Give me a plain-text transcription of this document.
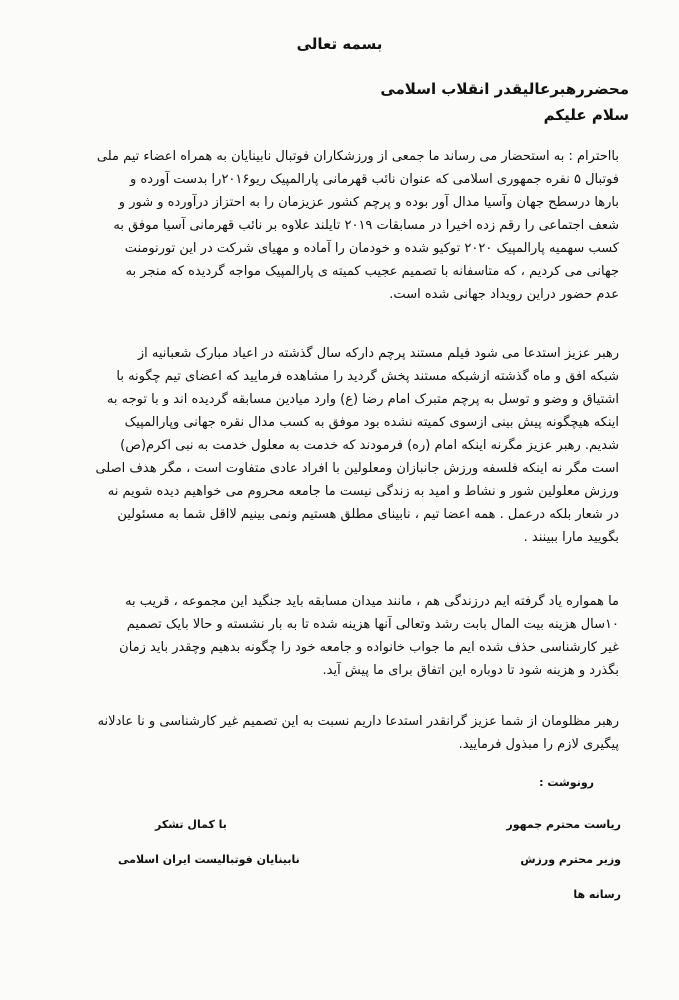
بسمه تعالی
محضررهبرعالیقدر انقلاب اسلامی
سلام علیکم
بااحترام : به استحضار می رساند ما جمعی از ورزشکاران فوتبال نابینایان به همراه اعضاء تیم ملی
فوتبال ۵ نفره جمهوری اسلامی که عنوان نائب قهرمانی پارالمپیک ریو۲۰۱۶را بدست آورده و
بارها درسطح جهان وآسیا مدال آور بوده و پرچم کشور عزیزمان را به احتزاز درآورده و شور و
شعف اجتماعی را رقم زده اخیرا در مسابقات ۲۰۱۹ تایلند علاوه بر نائب قهرمانی آسیا موفق به
کسب سهمیه پارالمپیک ۲۰۲۰ توکیو شده و خودمان را آماده و مهیای شرکت در این تورنومنت
جهانی می کردیم ، که متاسفانه با تصمیم عجیب کمیته ی پارالمپیک مواجه گردیده که منجر به
عدم حضور دراین رویداد جهانی شده است.
رهبر عزیز استدعا می شود فیلم مستند پرچم دارکه سال گذشته در اعیاد مبارک شعبانیه از
شبکه افق و ماه گذشته ازشبکه مستند پخش گردید را مشاهده فرمایید که اعضای تیم چگونه با
اشتیاق و وضو و توسل به پرچم متبرک امام رضا (ع) وارد میادین مسابقه گردیده اند و با توجه به
اینکه هیچگونه پیش بینی ازسوی کمیته نشده بود موفق به کسب مدال نقره جهانی وپارالمپیک
شدیم. رهبر عزیز مگرنه اینکه امام (ره) فرمودند که خدمت به معلول خدمت به نبی اکرم(ص)
است مگر نه اینکه فلسفه ورزش جانبازان ومعلولین با افراد عادی متفاوت است ، مگر هدف اصلی
ورزش معلولین شور و نشاط و امید به زندگی نیست ما جامعه محروم می خواهیم دیده شویم نه
در شعار بلکه درعمل . همه اعضا تیم ، نابینای مطلق هستیم ونمی بینیم لااقل شما به مسئولین
بگویید مارا ببینند .
ما همواره یاد گرفته ایم درزندگی هم ، مانند میدان مسابقه باید جنگید این مجموعه ، قریب به
۱۰سال هزینه بیت المال بابت رشد وتعالی آنها هزینه شده تا به بار نشسته و حالا بایک تصمیم
غیر کارشناسی حذف شده ایم ما جواب خانواده و جامعه خود را چگونه بدهیم وچقدر باید زمان
بگذرد و هزینه شود تا دوباره این اتفاق برای ما پیش آید.
رهبر مظلومان از شما عزیز گرانقدر استدعا داریم نسبت به این تصمیم غیر کارشناسی و نا عادلانه
پیگیری لازم را مبذول فرمایید.
رونوشت :
ریاست محترم جمهور
وزیر محترم ورزش
رسانه ها
با کمال تشکر
نابینایان فوتبالیست ایران اسلامی
